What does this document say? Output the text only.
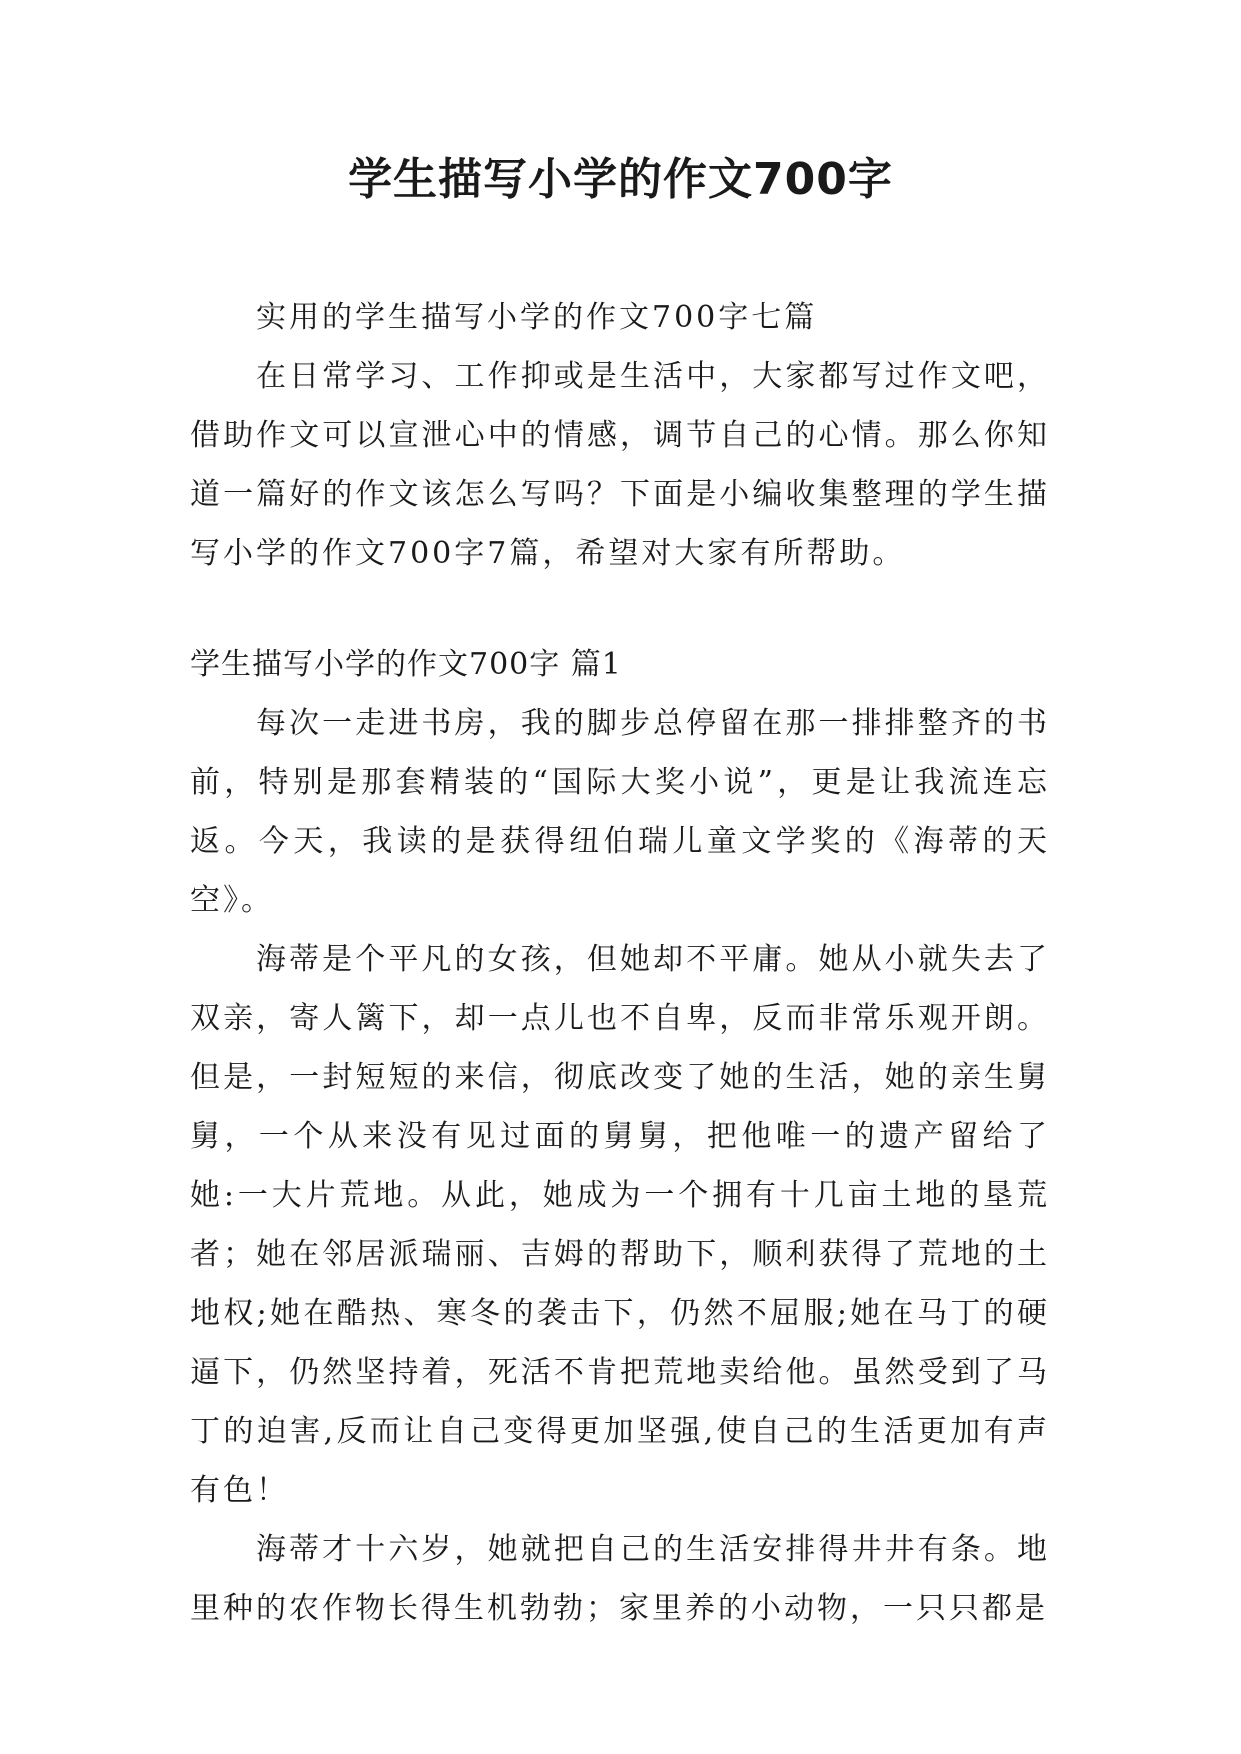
学生描写小学的作文700字

实用的学生描写小学的作文700字七篇

在日常学习、工作抑或是生活中，大家都写过作文吧，借助作文可以宣泄心中的情感，调节自己的心情。那么你知道一篇好的作文该怎么写吗？下面是小编收集整理的学生描写小学的作文700字7篇，希望对大家有所帮助。

学生描写小学的作文700字 篇1

每次一走进书房，我的脚步总停留在那一排排整齐的书前，特别是那套精装的“国际大奖小说”，更是让我流连忘返。今天，我读的是获得纽伯瑞儿童文学奖的《海蒂的天空》。

海蒂是个平凡的女孩，但她却不平庸。她从小就失去了双亲，寄人篱下，却一点儿也不自卑，反而非常乐观开朗。但是，一封短短的来信，彻底改变了她的生活，她的亲生舅舅，一个从来没有见过面的舅舅，把他唯一的遗产留给了她:一大片荒地。从此，她成为一个拥有十几亩土地的垦荒者；她在邻居派瑞丽、吉姆的帮助下，顺利获得了荒地的土地权;她在酷热、寒冬的袭击下，仍然不屈服;她在马丁的硬逼下，仍然坚持着，死活不肯把荒地卖给他。虽然受到了马丁的迫害,反而让自己变得更加坚强,使自己的生活更加有声有色！

海蒂才十六岁，她就把自己的生活安排得井井有条。地里种的农作物长得生机勃勃；家里养的小动物，一只只都是
